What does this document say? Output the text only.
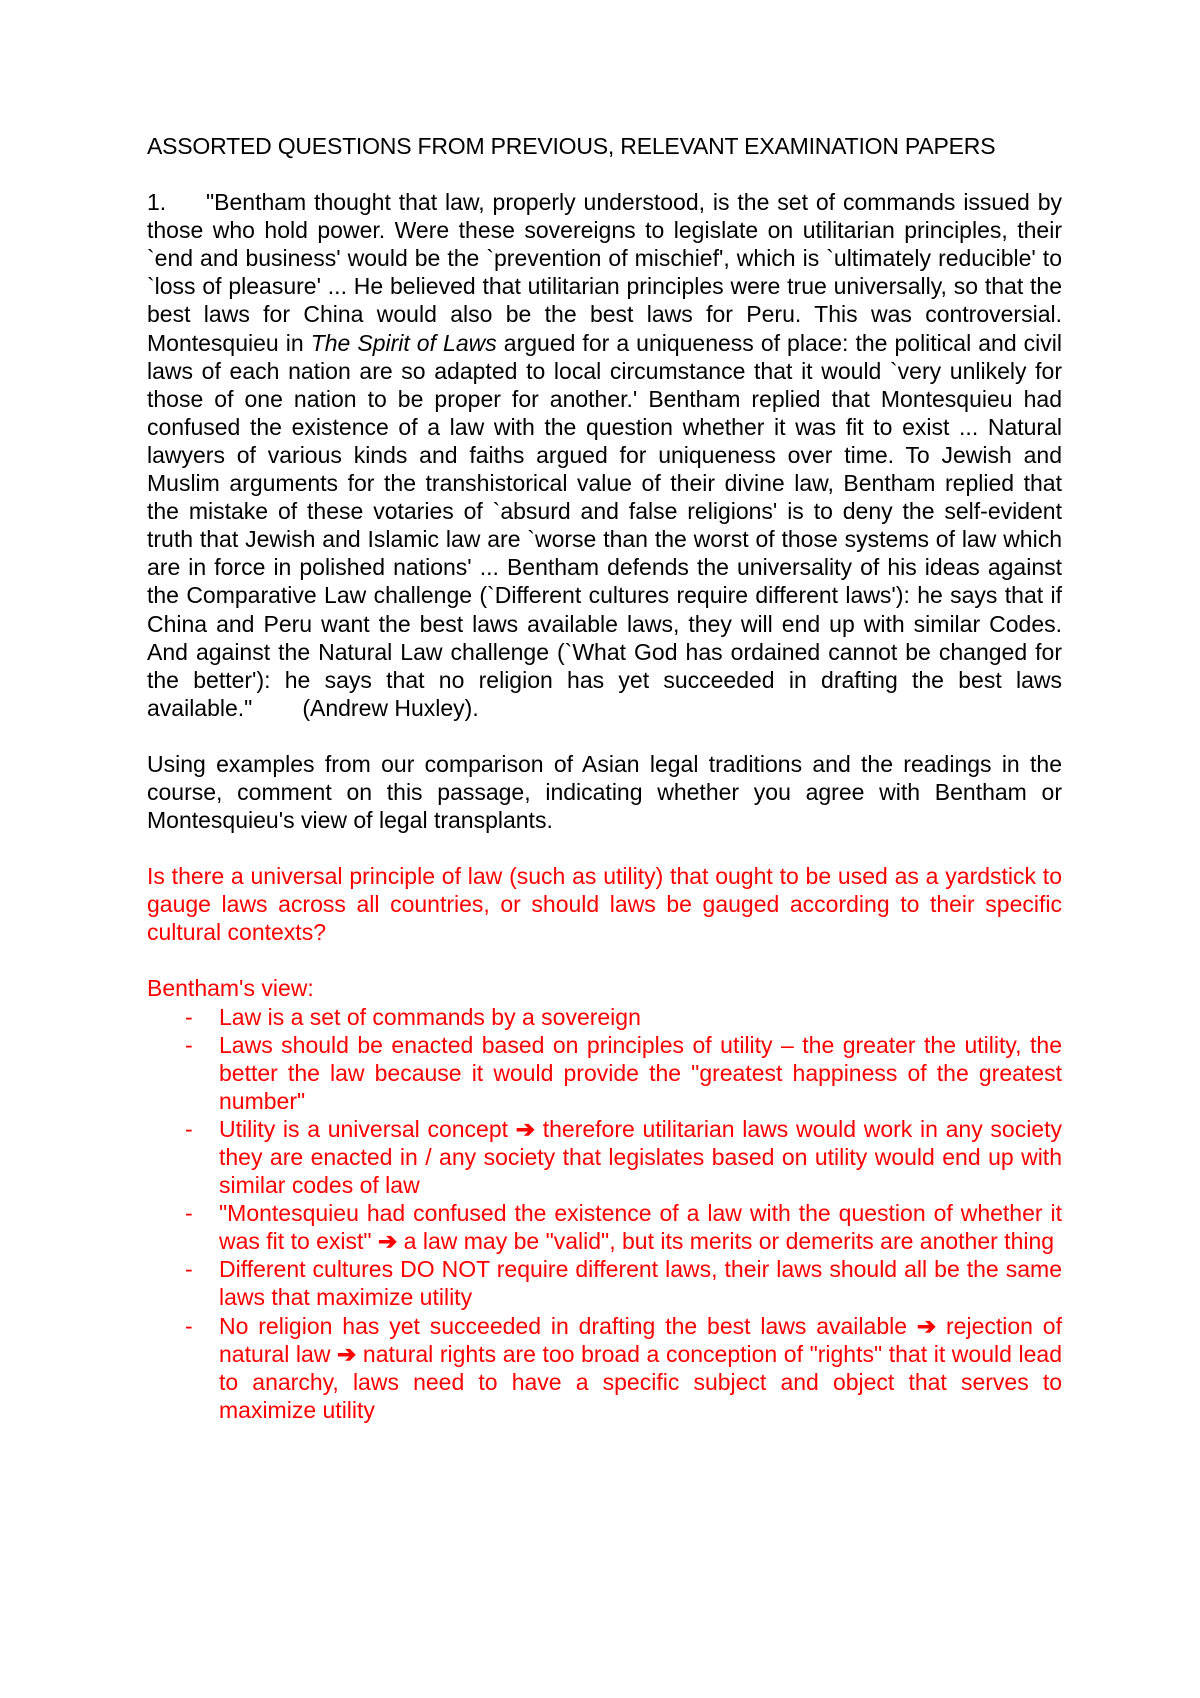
ASSORTED QUESTIONS FROM PREVIOUS, RELEVANT EXAMINATION PAPERS

1. "Bentham thought that law, properly understood, is the set of commands issued by those who hold power. Were these sovereigns to legislate on utilitarian principles, their `end and business' would be the `prevention of mischief', which is `ultimately reducible' to `loss of pleasure' ... He believed that utilitarian principles were true universally, so that the best laws for China would also be the best laws for Peru. This was controversial. Montesquieu in The Spirit of Laws argued for a uniqueness of place: the political and civil laws of each nation are so adapted to local circumstance that it would `very unlikely for those of one nation to be proper for another.' Bentham replied that Montesquieu had confused the existence of a law with the question whether it was fit to exist ... Natural lawyers of various kinds and faiths argued for uniqueness over time. To Jewish and Muslim arguments for the transhistorical value of their divine law, Bentham replied that the mistake of these votaries of `absurd and false religions' is to deny the self-evident truth that Jewish and Islamic law are `worse than the worst of those systems of law which are in force in polished nations' ... Bentham defends the universality of his ideas against the Comparative Law challenge (`Different cultures require different laws'): he says that if China and Peru want the best laws available laws, they will end up with similar Codes. And against the Natural Law challenge (`What God has ordained cannot be changed for the better'): he says that no religion has yet succeeded in drafting the best laws available." (Andrew Huxley).

Using examples from our comparison of Asian legal traditions and the readings in the course, comment on this passage, indicating whether you agree with Bentham or Montesquieu's view of legal transplants.

Is there a universal principle of law (such as utility) that ought to be used as a yardstick to gauge laws across all countries, or should laws be gauged according to their specific cultural contexts?

Bentham's view:

- Law is a set of commands by a sovereign
- Laws should be enacted based on principles of utility – the greater the utility, the better the law because it would provide the "greatest happiness of the greatest number"
- Utility is a universal concept ➔ therefore utilitarian laws would work in any society they are enacted in / any society that legislates based on utility would end up with similar codes of law
- "Montesquieu had confused the existence of a law with the question of whether it was fit to exist" ➔ a law may be "valid", but its merits or demerits are another thing
- Different cultures DO NOT require different laws, their laws should all be the same laws that maximize utility
- No religion has yet succeeded in drafting the best laws available ➔ rejection of natural law ➔ natural rights are too broad a conception of "rights" that it would lead to anarchy, laws need to have a specific subject and object that serves to maximize utility
